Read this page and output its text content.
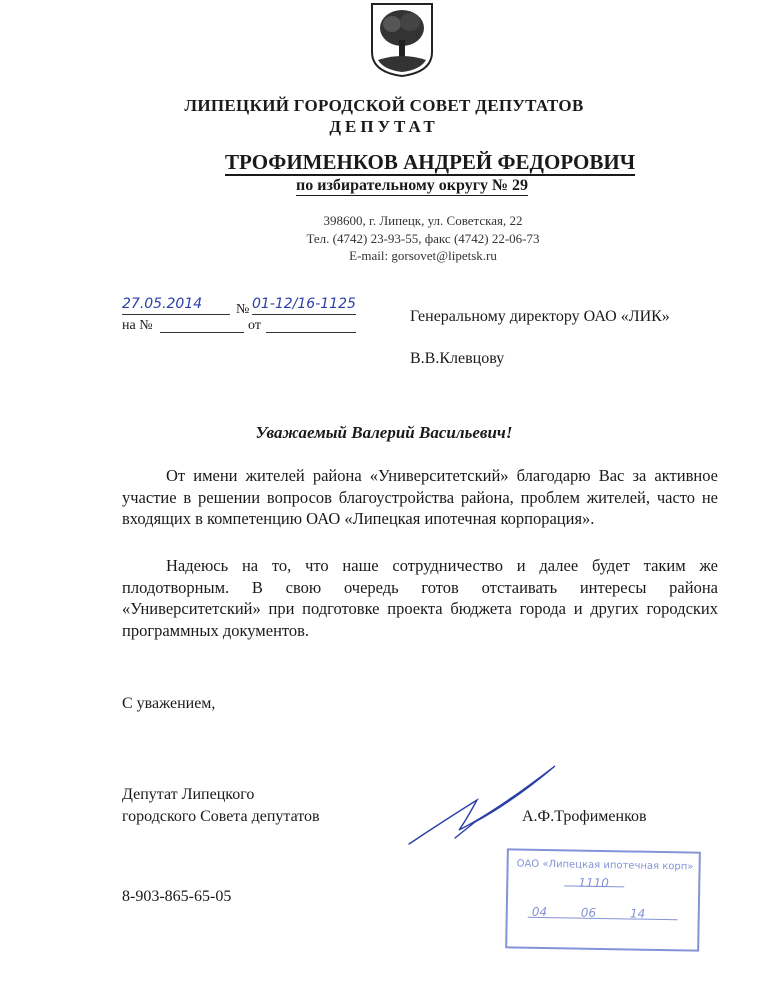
ЛИПЕЦКИЙ ГОРОДСКОЙ СОВЕТ ДЕПУТАТОВ
ДЕПУТАТ
ТРОФИМЕНКОВ АНДРЕЙ ФЕДОРОВИЧ
по избирательному округу № 29
398600, г. Липецк, ул. Советская, 22
Тел. (4742) 23-93-55, факс (4742) 22-06-73
E-mail: gorsovet@lipetsk.ru
27.05.2014 № 01-12/16-1125
на №	от
Генеральному директору ОАО «ЛИК»
В.В.Клевцову
Уважаемый Валерий Васильевич!
От имени жителей района «Университетский» благодарю Вас за активное участие в решении вопросов благоустройства района, проблем жителей, часто не входящих в компетенцию ОАО «Липецкая ипотечная корпорация».
Надеюсь на то, что наше сотрудничество и далее будет таким же плодотворным. В свою очередь готов отстаивать интересы района «Университетский» при подготовке проекта бюджета города и других городских программных документов.
С уважением,
Депутат Липецкого
городского Совета депутатов	А.Ф.Трофименков
8-903-865-65-05
ОАО «Липецкая ипотечная корп»
1110
04 06 14
